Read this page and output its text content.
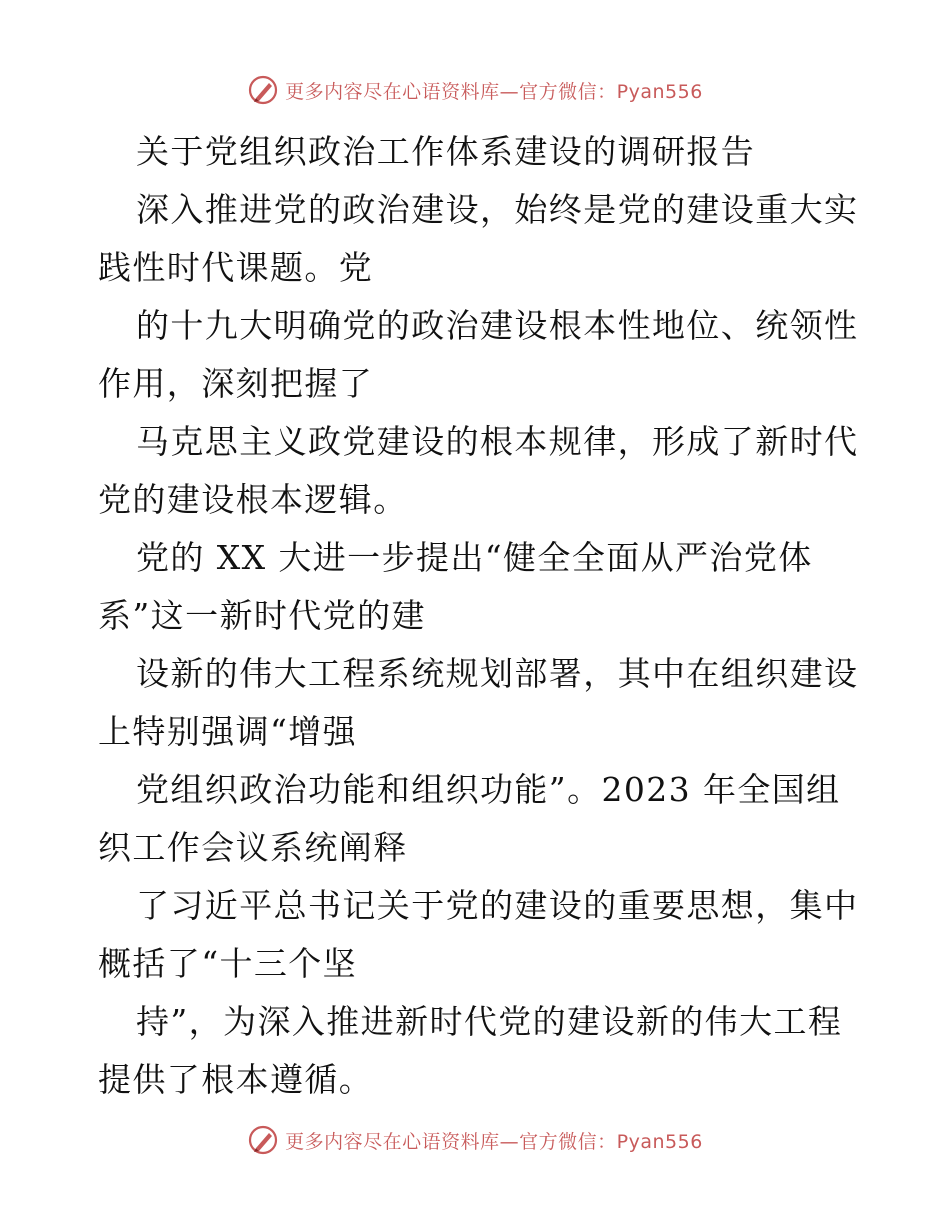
更多内容尽在心语资料库—官方微信：Pyan556

关于党组织政治工作体系建设的调研报告

深入推进党的政治建设，始终是党的建设重大实

践性时代课题。党

的十九大明确党的政治建设根本性地位、统领性

作用，深刻把握了

马克思主义政党建设的根本规律，形成了新时代

党的建设根本逻辑。

党的 XX 大进一步提出“健全全面从严治党体

系”这一新时代党的建

设新的伟大工程系统规划部署，其中在组织建设

上特别强调“增强

党组织政治功能和组织功能”。2023 年全国组

织工作会议系统阐释

了习近平总书记关于党的建设的重要思想，集中

概括了“十三个坚

持”，为深入推进新时代党的建设新的伟大工程

提供了根本遵循。

更多内容尽在心语资料库—官方微信：Pyan556
